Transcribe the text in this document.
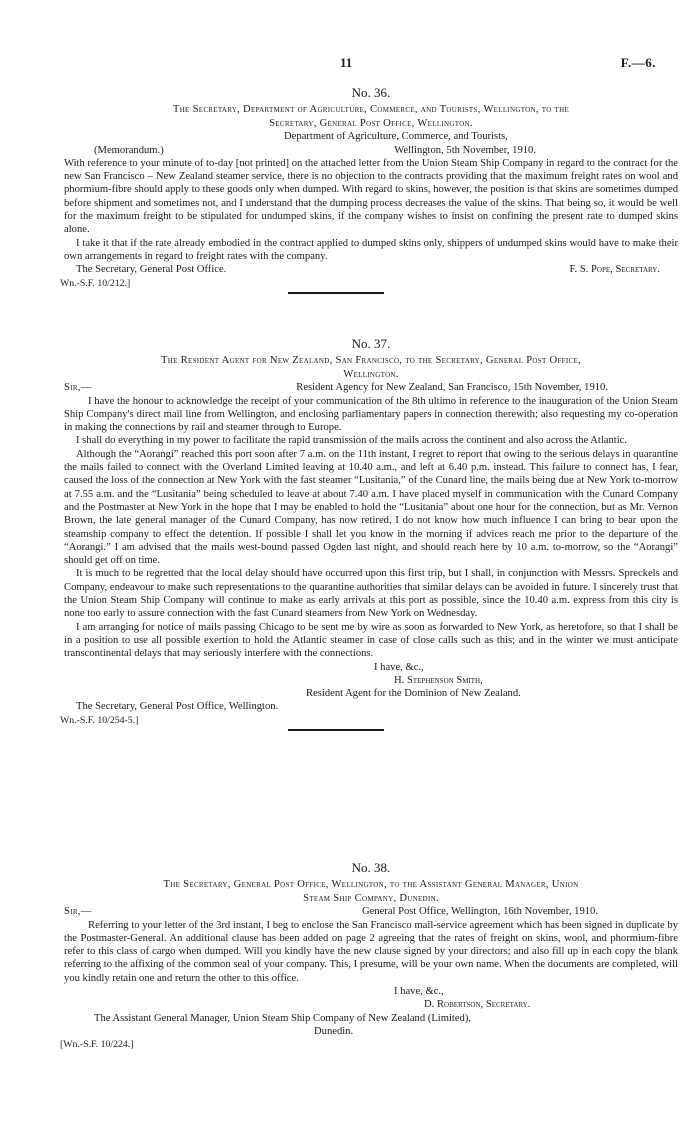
11	F.—6.
No. 36.
The Secretary, Department of Agriculture, Commerce, and Tourists, Wellington, to the
Secretary, General Post Office, Wellington.
Department of Agriculture, Commerce, and Tourists,
(Memorandum.)	Wellington, 5th November, 1910.

With reference to your minute of to-day [not printed] on the attached letter from the Union Steam Ship Company in regard to the contract for the new San Francisco – New Zealand steamer service, there is no objection to the contracts providing that the maximum freight rates on wool and phormium-fibre should apply to these goods only when dumped. With regard to skins, however, the position is that skins are sometimes dumped before shipment and sometimes not, and I understand that the dumping process decreases the value of the skins. That being so, it would be well for the maximum freight to be stipulated for undumped skins, if the company wishes to insist on confining the present rate to dumped skins alone.

I take it that if the rate already embodied in the contract applied to dumped skins only, shippers of undumped skins would have to make their own arrangements in regard to freight rates with the company.

The Secretary, General Post Office.	F. S. Pope, Secretary.
Wn.-S.F. 10/212.]
No. 37.
The Resident Agent for New Zealand, San Francisco, to the Secretary, General Post Office,
Wellington.
Sir,—	Resident Agency for New Zealand, San Francisco, 15th November, 1910.

I have the honour to acknowledge the receipt of your communication of the 8th ultimo in reference to the inauguration of the Union Steam Ship Company's direct mail line from Wellington, and enclosing parliamentary papers in connection therewith; also requesting my co-operation in making the connections by rail and steamer through to Europe.

I shall do everything in my power to facilitate the rapid transmission of the mails across the continent and also across the Atlantic.

Although the “Aorangi” reached this port soon after 7 a.m. on the 11th instant, I regret to report that owing to the serious delays in quarantine the mails failed to connect with the Overland Limited leaving at 10.40 a.m., and left at 6.40 p.m. instead. This failure to connect has, I fear, caused the loss of the connection at New York with the fast steamer “Lusitania,” of the Cunard line, the mails being due at New York to-morrow at 7.55 a.m. and the “Lusitania” being scheduled to leave at about 7.40 a.m. I have placed myself in communication with the Cunard Company and the Postmaster at New York in the hope that I may be enabled to hold the “Lusitania” about one hour for the connection, but as Mr. Vernon Brown, the late general manager of the Cunard Company, has now retired, I do not know how much influence I can bring to bear upon the steamship company to effect the detention. If possible I shall let you know in the morning if advices reach me prior to the departure of the “Aorangi.” I am advised that the mails west-bound passed Ogden last night, and should reach here by 10 a.m. to-morrow, so the “Aorangi” should get off on time.

It is much to be regretted that the local delay should have occurred upon this first trip, but I shall, in conjunction with Messrs. Spreckels and Company, endeavour to make such representations to the quarantine authorities that similar delays can be avoided in future. I sincerely trust that the Union Steam Ship Company will continue to make as early arrivals at this port as possible, since the 10.40 a.m. express from this city is none too early to assure connection with the fast Cunard steamers from New York on Wednesday.

I am arranging for notice of mails passing Chicago to be sent me by wire as soon as forwarded to New York, as heretofore, so that I shall be in a position to use all possible exertion to hold the Atlantic steamer in case of close calls such as this; and in the winter we must anticipate transcontinental delays that may seriously interfere with the connections.

I have, &c.,
H. Stephenson Smith,
Resident Agent for the Dominion of New Zealand.
The Secretary, General Post Office, Wellington.
Wn.-S.F. 10/254-5.]
No. 38.
The Secretary, General Post Office, Wellington, to the Assistant General Manager, Union
Steam Ship Company, Dunedin.
Sir,—	General Post Office, Wellington, 16th November, 1910.

Referring to your letter of the 3rd instant, I beg to enclose the San Francisco mail-service agreement which has been signed in duplicate by the Postmaster-General. An additional clause has been added on page 2 agreeing that the rates of freight on skins, wool, and phormium-fibre refer to this class of cargo when dumped. Will you kindly have the new clause signed by your directors; and also fill up in each copy the blank referring to the affixing of the common seal of your company. This, I presume, will be your own name. When the documents are completed, will you kindly retain one and return the other to this office.

I have, &c.,
D. Robertson, Secretary.
The Assistant General Manager, Union Steam Ship Company of New Zealand (Limited),
Dunedin.
[Wn.-S.F. 10/224.]
